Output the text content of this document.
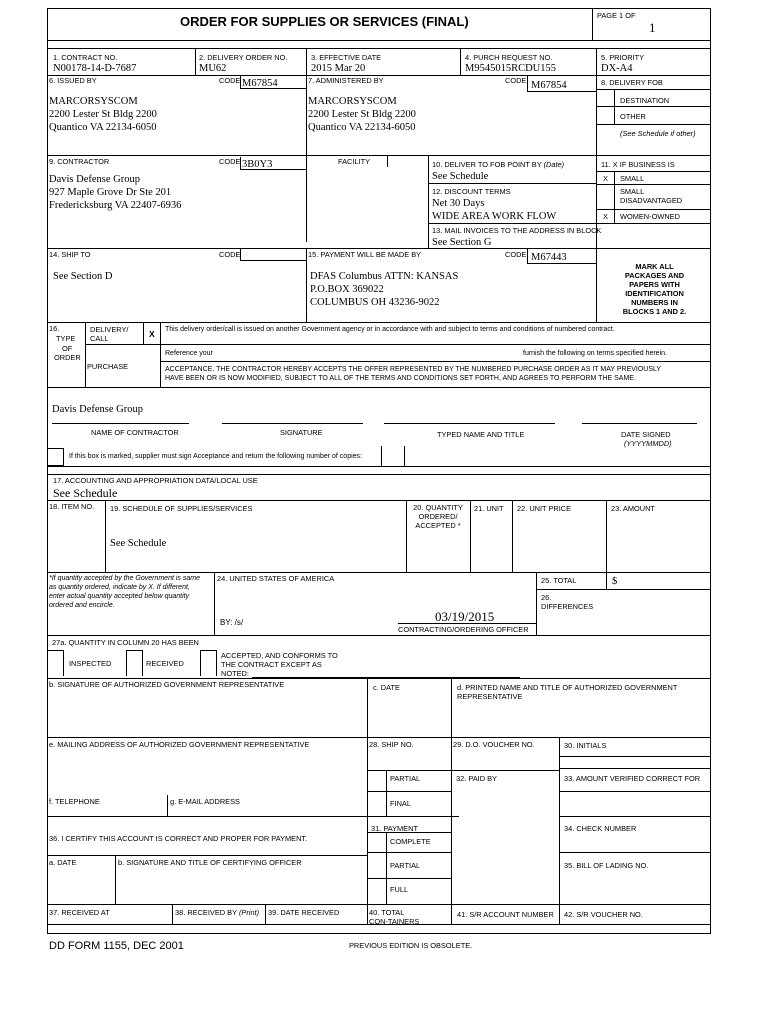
ORDER FOR SUPPLIES OR SERVICES (FINAL)	PAGE 1 OF
1
1. CONTRACT NO.
N00178-14-D-7687
2. DELIVERY ORDER NO.
MU62
3. EFFECTIVE DATE
2015 Mar 20
4. PURCH REQUEST NO.
M9545015RCDU155
5. PRIORITY
DX-A4
6. ISSUED BY	CODE M67854
MARCORSYSCOM
2200 Lester St Bldg 2200
Quantico VA 22134-6050
7. ADMINISTERED BY	CODE M67854
MARCORSYSCOM
2200 Lester St Bldg 2200
Quantico VA 22134-6050
8. DELIVERY FOB
DESTINATION
OTHER
(See Schedule if other)
9. CONTRACTOR	CODE 3B0Y3	FACILITY
Davis Defense Group
927 Maple Grove Dr Ste 201
Fredericksburg VA 22407-6936
10. DELIVER TO FOB POINT BY (Date)
See Schedule
12. DISCOUNT TERMS
Net 30 Days
WIDE AREA WORK FLOW
13. MAIL INVOICES TO THE ADDRESS IN BLOCK
See Section G
11. X IF BUSINESS IS
X SMALL
SMALL
DISADVANTAGED
X WOMEN-OWNED
14. SHIP TO	CODE
See Section D
15. PAYMENT WILL BE MADE BY	CODE M67443
DFAS Columbus ATTN: KANSAS
P.O.BOX 369022
COLUMBUS OH 43236-9022
MARK ALL
PACKAGES AND
PAPERS WITH
IDENTIFICATION
NUMBERS IN
BLOCKS 1 AND 2.
16.
TYPE
OF
ORDER
DELIVERY/
CALL	X This delivery order/call is issued on another Government agency or in accordance with and subject to terms and conditions of numbered contract.
PURCHASE
Reference your	furnish the following on terms specified herein.
ACCEPTANCE. THE CONTRACTOR HEREBY ACCEPTS THE OFFER REPRESENTED BY THE NUMBERED PURCHASE ORDER AS IT MAY PREVIOUSLY
HAVE BEEN OR IS NOW MODIFIED, SUBJECT TO ALL OF THE TERMS AND CONDITIONS SET FORTH, AND AGREES TO PERFORM THE SAME.
Davis Defense Group
NAME OF CONTRACTOR	SIGNATURE	TYPED NAME AND TITLE	DATE SIGNED
(YYYYMMDD)
If this box is marked, supplier must sign Acceptance and return the following number of copies:
17. ACCOUNTING AND APPROPRIATION DATA/LOCAL USE
See Schedule
18. ITEM NO. 19. SCHEDULE OF SUPPLIES/SERVICES	20. QUANTITY
ORDERED/
ACCEPTED *
21. UNIT 22. UNIT PRICE	23. AMOUNT
See Schedule
*If quantity accepted by the Government is same
as quantity ordered, indicate by X. If different,
enter actual quantity accepted below quantity
ordered and encircle.
24. UNITED STATES OF AMERICA
BY: /s/	03/19/2015
CONTRACTING/ORDERING OFFICER
25. TOTAL	$
26.
DIFFERENCES
27a. QUANTITY IN COLUMN 20 HAS BEEN
INSPECTED	RECEIVED
ACCEPTED, AND CONFORMS TO
THE CONTRACT EXCEPT AS
NOTED:
b. SIGNATURE OF AUTHORIZED GOVERNMENT REPRESENTATIVE	c. DATE	d. PRINTED NAME AND TITLE OF AUTHORIZED GOVERNMENT
REPRESENTATIVE
e. MAILING ADDRESS OF AUTHORIZED GOVERNMENT REPRESENTATIVE	28. SHIP NO.	29. D.O. VOUCHER NO.	30. INITIALS
PARTIAL	32. PAID BY	33. AMOUNT VERIFIED CORRECT FOR
f. TELEPHONE	g. E-MAIL ADDRESS	FINAL
31. PAYMENT
COMPLETE
34. CHECK NUMBER
36. I CERTIFY THIS ACCOUNT IS CORRECT AND PROPER FOR PAYMENT.
a. DATE	b. SIGNATURE AND TITLE OF CERTIFYING OFFICER	PARTIAL	35. BILL OF LADING NO.
FULL
37. RECEIVED AT	38. RECEIVED BY (Print) 39. DATE RECEIVED	40. TOTAL
CON-TAINERS
41. S/R ACCOUNT NUMBER 42. S/R VOUCHER NO.
DD FORM 1155, DEC 2001	PREVIOUS EDITION IS OBSOLETE.
